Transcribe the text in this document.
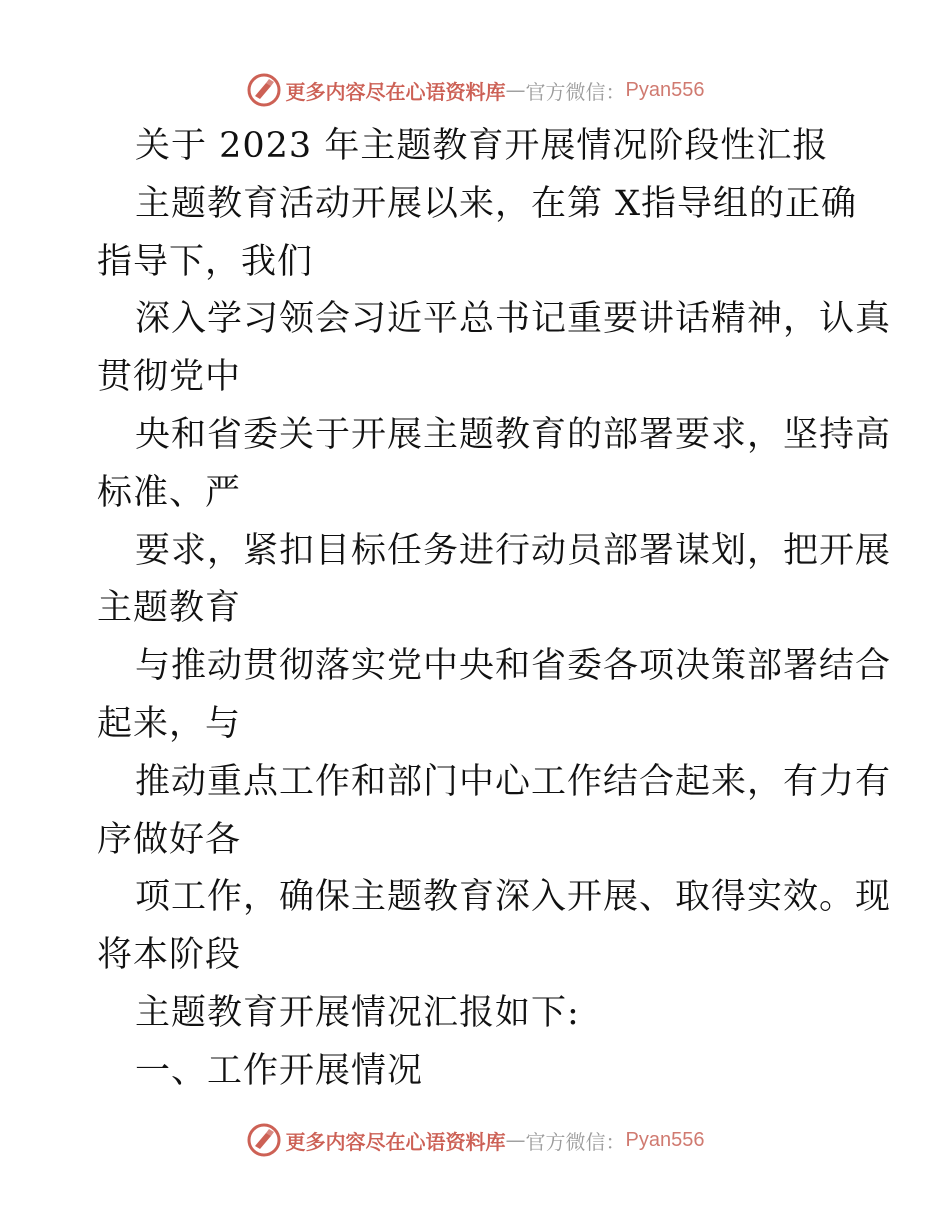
更多内容尽在心语资料库 — 官方微信： Pyan556
关于 2023 年主题教育开展情况阶段性汇报
主题教育活动开展以来，在第 X指导组的正确
指导下，我们
深入学习领会习近平总书记重要讲话精神，认真
贯彻党中
央和省委关于开展主题教育的部署要求，坚持高
标准、严
要求，紧扣目标任务进行动员部署谋划，把开展
主题教育
与推动贯彻落实党中央和省委各项决策部署结合
起来，与
推动重点工作和部门中心工作结合起来，有力有
序做好各
项工作，确保主题教育深入开展、取得实效。现
将本阶段
主题教育开展情况汇报如下:
一、工作开展情况
更多内容尽在心语资料库 — 官方微信： Pyan556
